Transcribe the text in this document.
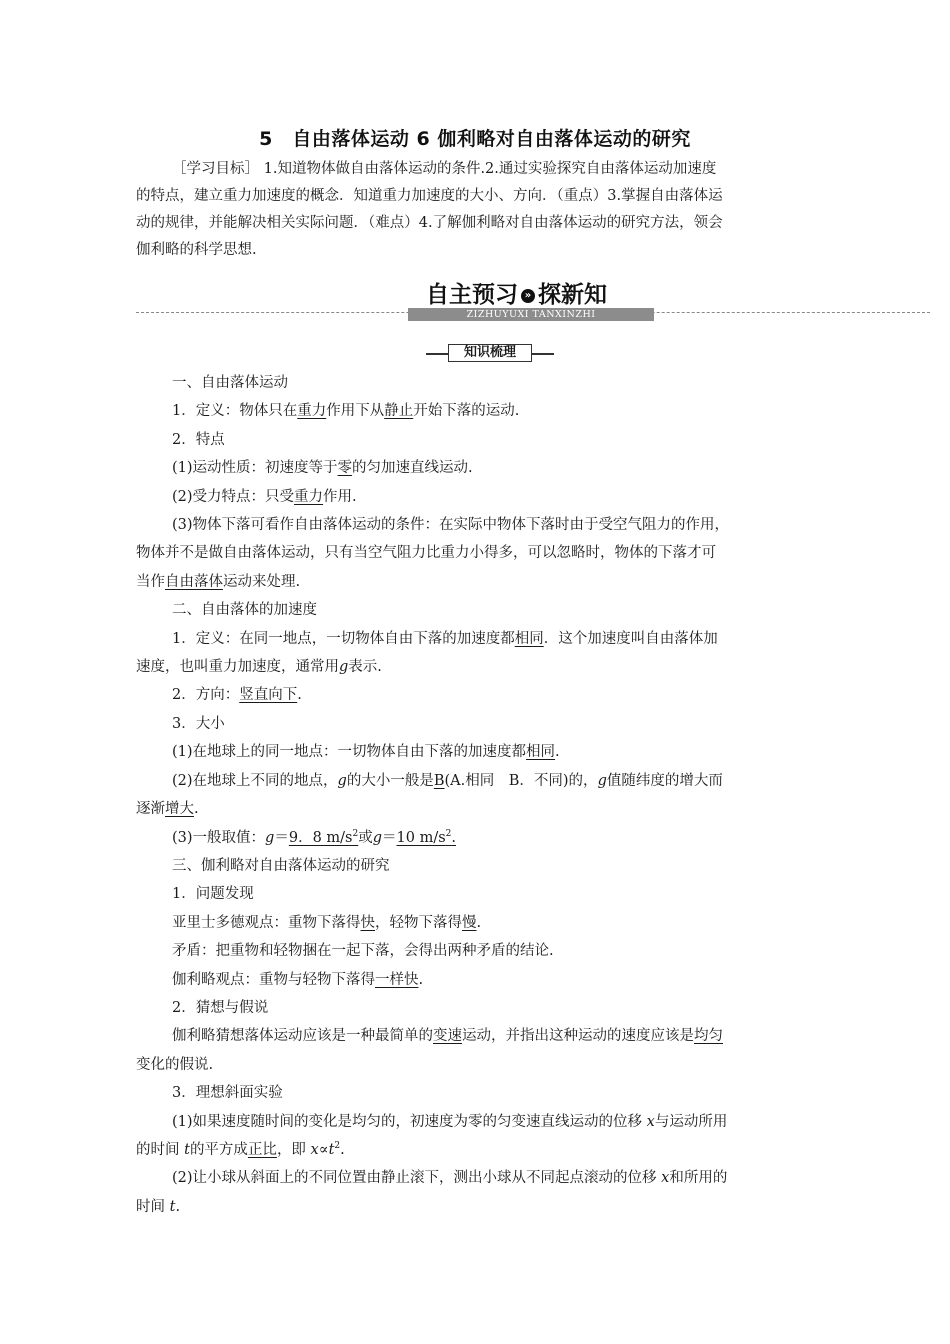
5　自由落体运动 6 伽利略对自由落体运动的研究
［学习目标］ 1.知道物体做自由落体运动的条件.2.通过实验探究自由落体运动加速度
的特点，建立重力加速度的概念．知道重力加速度的大小、方向．（重点）3.掌握自由落体运
动的规律，并能解决相关实际问题．（难点）4.了解伽利略对自由落体运动的研究方法，领会
伽利略的科学思想.
自主预习 » 探新知
ZIZHUYUXI TANXINZHI
知识梳理

一、自由落体运动

1．定义：物体只在重力作用下从静止开始下落的运动.

2．特点

(1)运动性质：初速度等于零的匀加速直线运动.

(2)受力特点：只受重力作用.

(3)物体下落可看作自由落体运动的条件：在实际中物体下落时由于受空气阻力的作用，

物体并不是做自由落体运动，只有当空气阻力比重力小得多，可以忽略时，物体的下落才可

当作自由落体运动来处理.

二、自由落体的加速度

1．定义：在同一地点，一切物体自由下落的加速度都相同．这个加速度叫自由落体加

速度，也叫重力加速度，通常用g表示.

2．方向：竖直向下.

3．大小

(1)在地球上的同一地点：一切物体自由下落的加速度都相同.

(2)在地球上不同的地点，g的大小一般是B(A.相同　B．不同)的，g值随纬度的增大而

逐渐增大.

(3)一般取值：g＝9．8 $m/s^2$或g＝10 $m/s^2$.

三、伽利略对自由落体运动的研究

1．问题发现

亚里士多德观点：重物下落得快，轻物下落得慢.

矛盾：把重物和轻物捆在一起下落，会得出两种矛盾的结论.

伽利略观点：重物与轻物下落得一样快.

2．猜想与假说

伽利略猜想落体运动应该是一种最简单的变速运动，并指出这种运动的速度应该是均匀

变化的假说.

3．理想斜面实验

(1)如果速度随时间的变化是均匀的，初速度为零的匀变速直线运动的位移 x与运动所用

的时间 t的平方成正比，即 $x\propto t^2$.

(2)让小球从斜面上的不同位置由静止滚下，测出小球从不同起点滚动的位移 x和所用的

时间 t.
